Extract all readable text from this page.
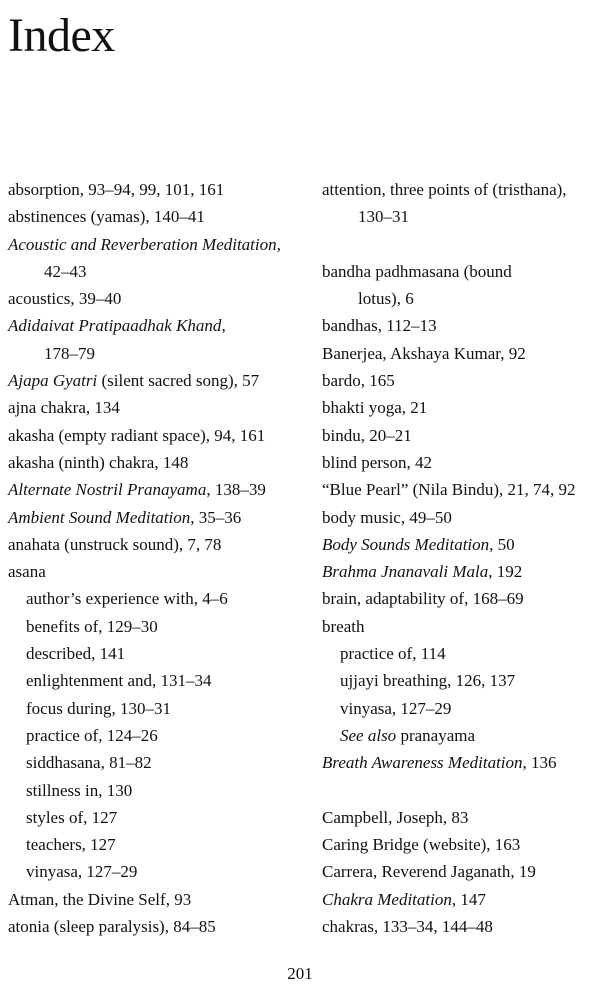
Index
absorption, 93–94, 99, 101, 161
abstinences (yamas), 140–41
Acoustic and Reverberation Meditation,
42–43
acoustics, 39–40
Adidaivat Pratipaadhak Khand,
178–79
Ajapa Gyatri (silent sacred song), 57
ajna chakra, 134
akasha (empty radiant space), 94, 161
akasha (ninth) chakra, 148
Alternate Nostril Pranayama, 138–39
Ambient Sound Meditation, 35–36
anahata (unstruck sound), 7, 78
asana
author’s experience with, 4–6
benefits of, 129–30
described, 141
enlightenment and, 131–34
focus during, 130–31
practice of, 124–26
siddhasana, 81–82
stillness in, 130
styles of, 127
teachers, 127
vinyasa, 127–29
Atman, the Divine Self, 93
atonia (sleep paralysis), 84–85
attention, three points of (tristhana),
130–31
bandha padhmasana (bound
lotus), 6
bandhas, 112–13
Banerjea, Akshaya Kumar, 92
bardo, 165
bhakti yoga, 21
bindu, 20–21
blind person, 42
“Blue Pearl” (Nila Bindu), 21, 74, 92
body music, 49–50
Body Sounds Meditation, 50
Brahma Jnanavali Mala, 192
brain, adaptability of, 168–69
breath
practice of, 114
ujjayi breathing, 126, 137
vinyasa, 127–29
See also pranayama
Breath Awareness Meditation, 136
Campbell, Joseph, 83
Caring Bridge (website), 163
Carrera, Reverend Jaganath, 19
Chakra Meditation, 147
chakras, 133–34, 144–48
201
